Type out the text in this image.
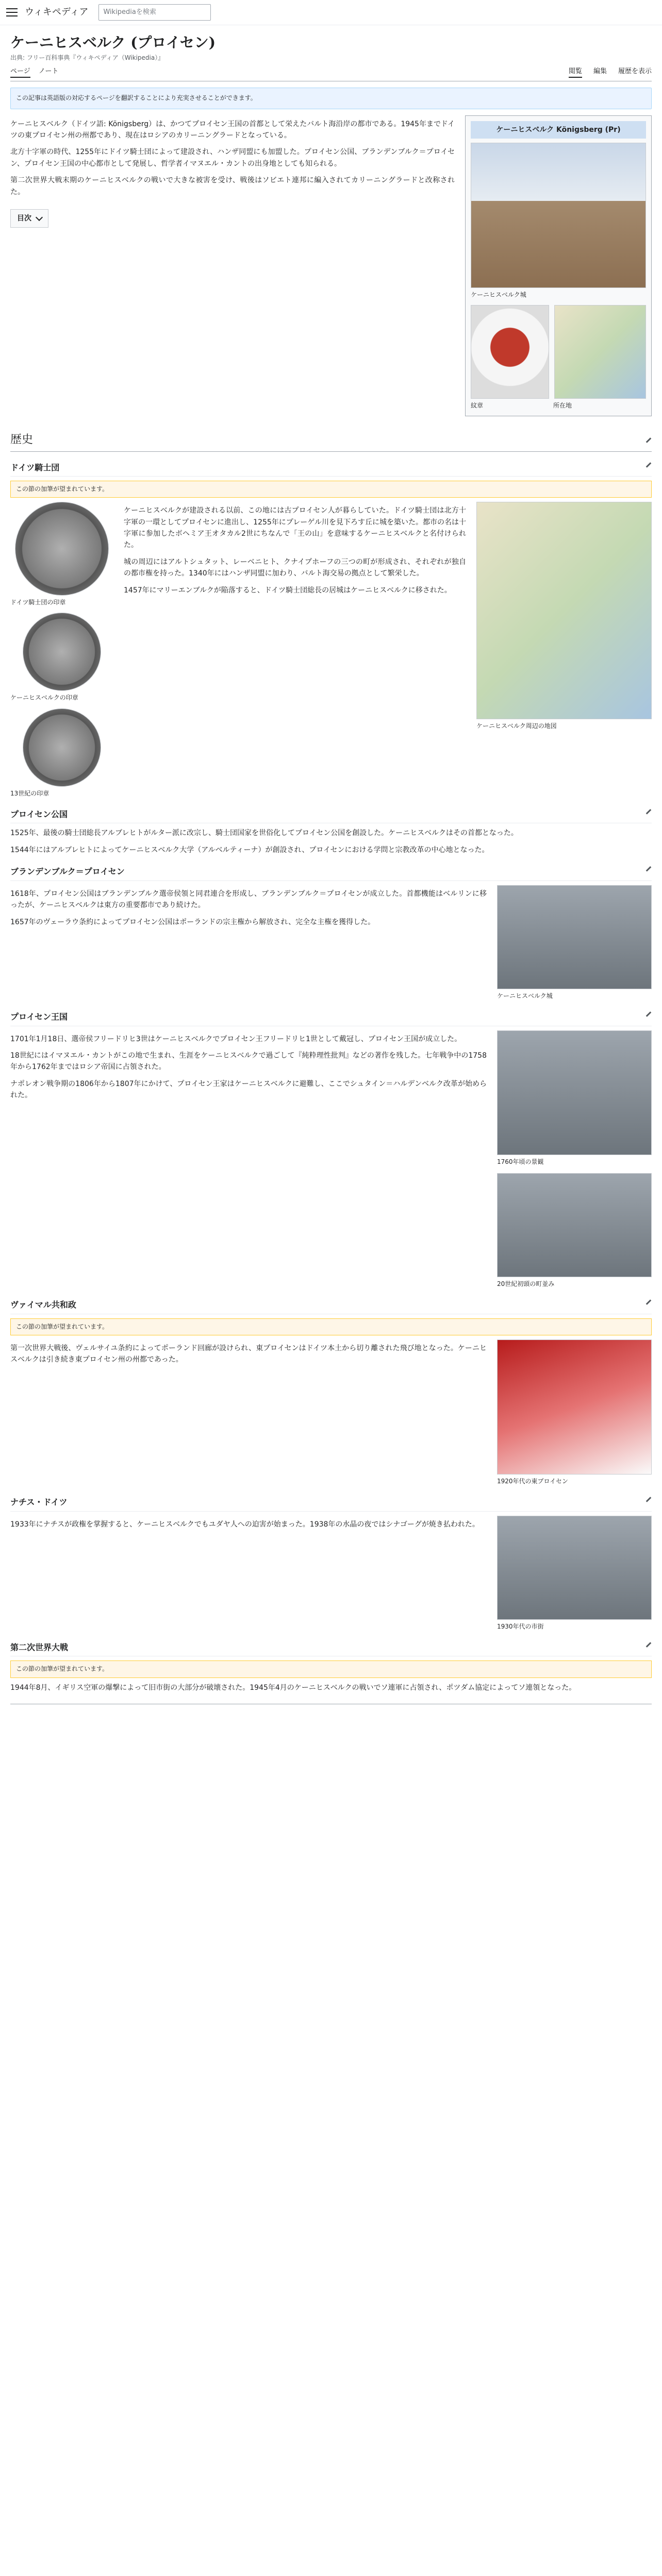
ウィキペディア	Wikipediaを検索
ケーニヒスベルク (プロイセン)
出典: フリー百科事典『ウィキペディア（Wikipedia）』
ページ ノート	閲覧 編集 履歴を表示
この記事は英語版の対応するページを翻訳することにより充実させることができます。

ケーニヒスベルク（ドイツ語: Königsberg）は、かつてプロイセン王国の首都として栄えたバルト海沿岸の都市である。1945年までドイツの東プロイセン州の州都であり、現在はロシアのカリーニングラードとなっている。

北方十字軍の時代、1255年にドイツ騎士団によって建設され、ハンザ同盟にも加盟した。プロイセン公国、ブランデンブルク＝プロイセン、プロイセン王国の中心都市として発展し、哲学者イマヌエル・カントの出身地としても知られる。

第二次世界大戦末期のケーニヒスベルクの戦いで大きな被害を受け、戦後はソビエト連邦に編入されてカリーニングラードと改称された。

目次
ケーニヒスベルク Königsberg (Pr)
ケーニヒスベルク城
紋章	所在地
歴史
ドイツ騎士団
この節の加筆が望まれています。
ドイツ騎士団の印章
ケーニヒスベルクの印章
13世紀の印章

ケーニヒスベルクが建設される以前、この地には古プロイセン人が暮らしていた。ドイツ騎士団は北方十字軍の一環としてプロイセンに進出し、1255年にプレーゲル川を見下ろす丘に城を築いた。都市の名は十字軍に参加したボヘミア王オタカル2世にちなんで「王の山」を意味するケーニヒスベルクと名付けられた。

城の周辺にはアルトシュタット、レーベニヒト、クナイプホーフの三つの町が形成され、それぞれが独自の都市権を持った。1340年にはハンザ同盟に加わり、バルト海交易の拠点として繁栄した。

1457年にマリーエンブルクが陥落すると、ドイツ騎士団総長の居城はケーニヒスベルクに移された。

ケーニヒスベルク周辺の地図
プロイセン公国

1525年、最後の騎士団総長アルブレヒトがルター派に改宗し、騎士団国家を世俗化してプロイセン公国を創設した。ケーニヒスベルクはその首都となった。

1544年にはアルブレヒトによってケーニヒスベルク大学（アルベルティーナ）が創設され、プロイセンにおける学問と宗教改革の中心地となった。

ブランデンブルク＝プロイセン

1618年、プロイセン公国はブランデンブルク選帝侯領と同君連合を形成し、ブランデンブルク＝プロイセンが成立した。首都機能はベルリンに移ったが、ケーニヒスベルクは東方の重要都市であり続けた。

1657年のヴェーラウ条約によってプロイセン公国はポーランドの宗主権から解放され、完全な主権を獲得した。

ケーニヒスベルク城
プロイセン王国

1701年1月18日、選帝侯フリードリヒ3世はケーニヒスベルクでプロイセン王フリードリヒ1世として戴冠し、プロイセン王国が成立した。

18世紀にはイマヌエル・カントがこの地で生まれ、生涯をケーニヒスベルクで過ごして『純粋理性批判』などの著作を残した。七年戦争中の1758年から1762年まではロシア帝国に占領された。

ナポレオン戦争期の1806年から1807年にかけて、プロイセン王家はケーニヒスベルクに避難し、ここでシュタイン＝ハルデンベルク改革が始められた。

1760年頃の景観
20世紀初頭の町並み
ヴァイマル共和政
この節の加筆が望まれています。

第一次世界大戦後、ヴェルサイユ条約によってポーランド回廊が設けられ、東プロイセンはドイツ本土から切り離された飛び地となった。ケーニヒスベルクは引き続き東プロイセン州の州都であった。

1920年代の東プロイセン
ナチス・ドイツ

1933年にナチスが政権を掌握すると、ケーニヒスベルクでもユダヤ人への迫害が始まった。1938年の水晶の夜ではシナゴーグが焼き払われた。

1930年代の市街
第二次世界大戦
この節の加筆が望まれています。

1944年8月、イギリス空軍の爆撃によって旧市街の大部分が破壊された。1945年4月のケーニヒスベルクの戦いでソ連軍に占領され、ポツダム協定によってソ連領となった。
